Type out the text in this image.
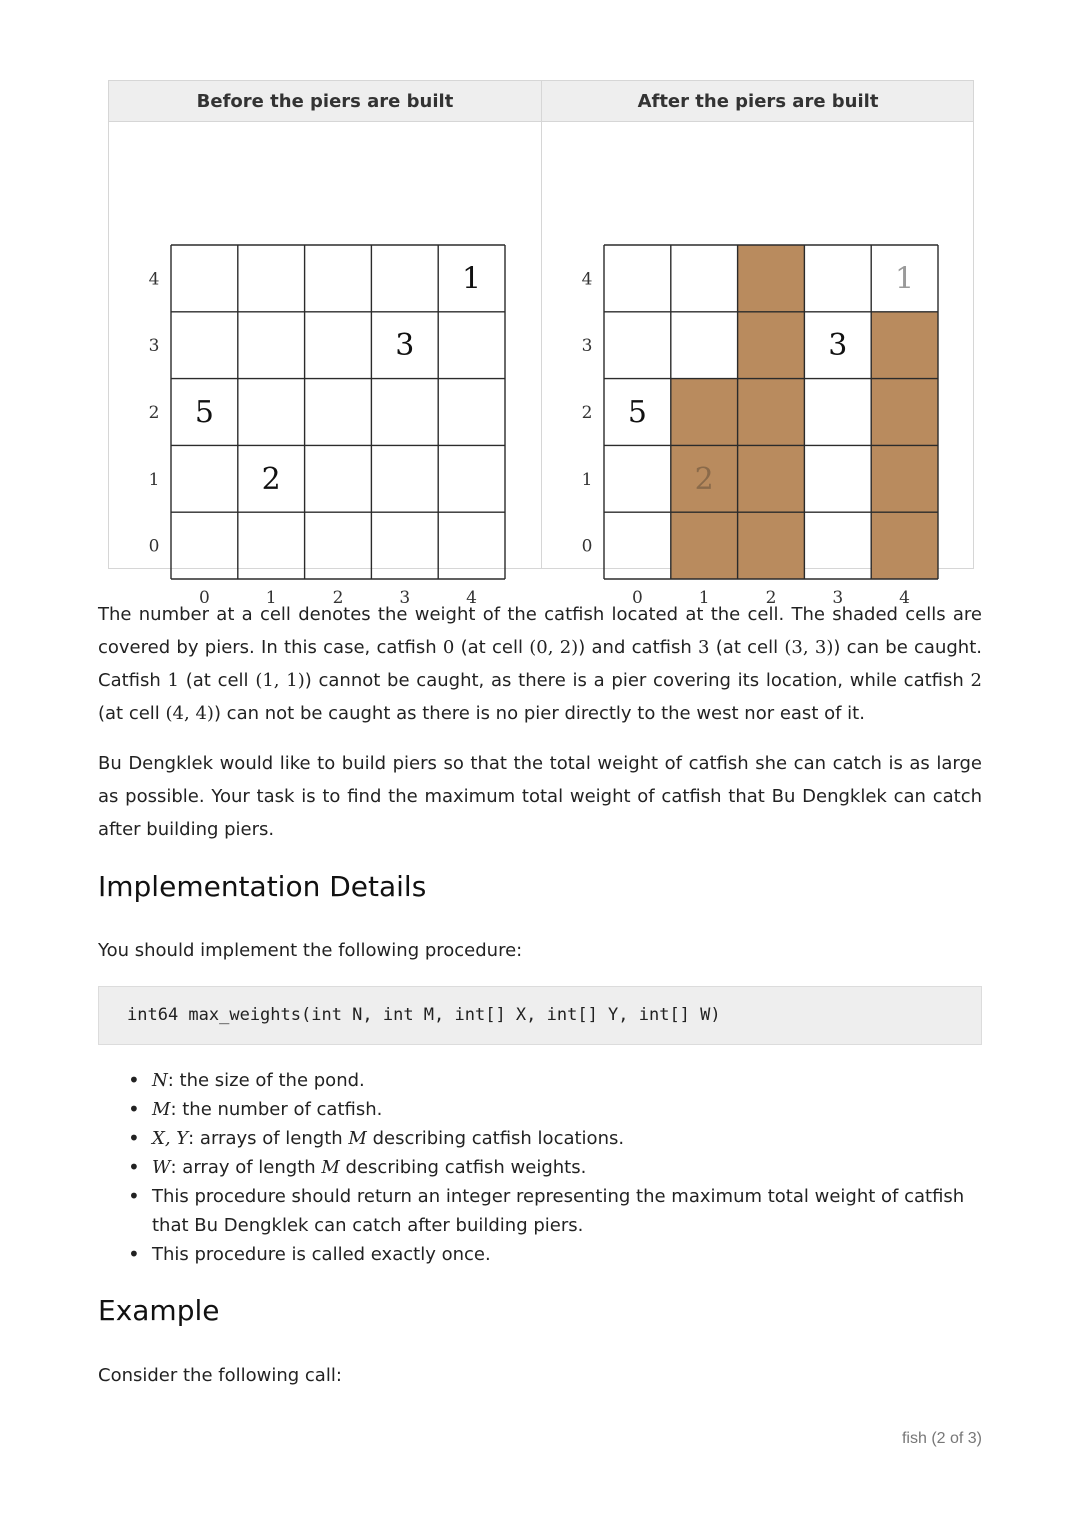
Before the piers are built	After the piers are built
0
1
2
3
4
0	1	2	3	4
5
2
3
1
0
1
2
3
4
0	1	2	3	4
5
2
3
1

The number at a cell denotes the weight of the catfish located at the cell. The shaded cells are covered by piers. In this case, catfish 0 (at cell (0, 2)) and catfish 3 (at cell (3, 3)) can be caught. Catfish 1 (at cell (1, 1)) cannot be caught, as there is a pier covering its location, while catfish 2 (at cell (4, 4)) can not be caught as there is no pier directly to the west nor east of it.

Bu Dengklek would like to build piers so that the total weight of catfish she can catch is as large as possible. Your task is to find the maximum total weight of catfish that Bu Dengklek can catch after building piers.

Implementation Details

You should implement the following procedure:

int64 max_weights(int N, int M, int[] X, int[] Y, int[] W)
• N: the size of the pond.
• M: the number of catfish.
• X, Y: arrays of length M describing catfish locations.
• W: array of length M describing catfish weights.
• This procedure should return an integer representing the maximum total weight of catfish that Bu Dengklek can catch after building piers.
• This procedure is called exactly once.
Example

Consider the following call:

fish (2 of 3)
